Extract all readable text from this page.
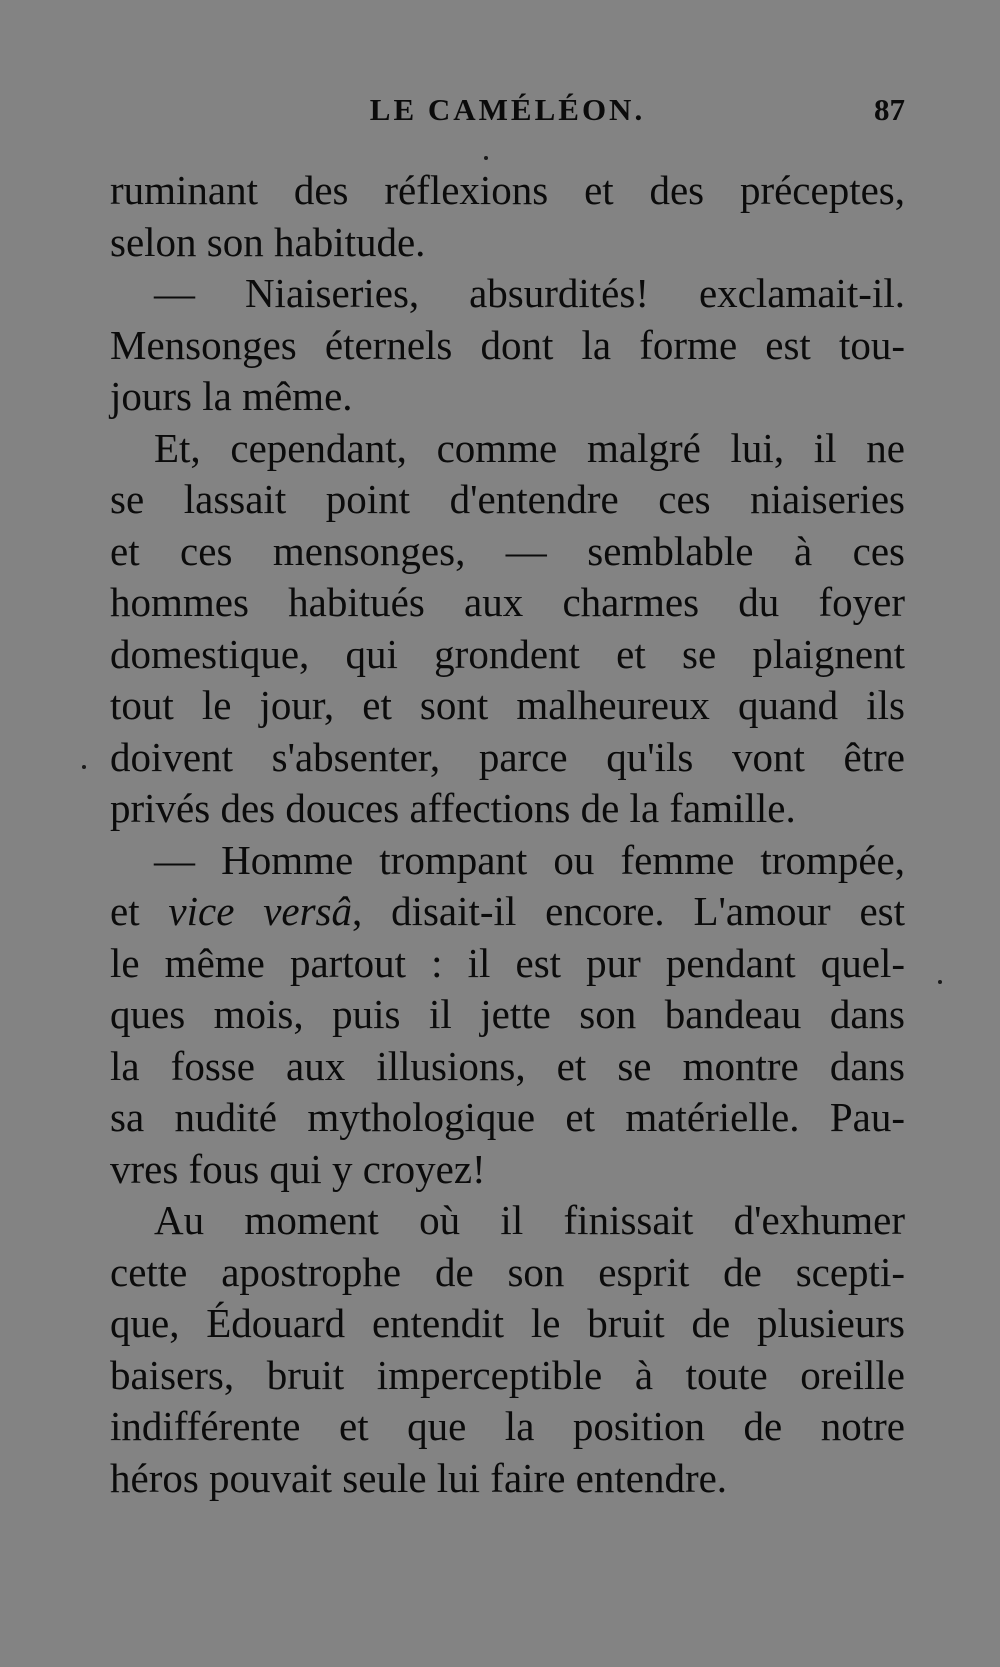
LE CAMÉLÉON.	87
ruminant des réflexions et des préceptes,
selon son habitude.
— Niaiseries, absurdités! exclamait-il.
Mensonges éternels dont la forme est tou-
jours la même.
Et, cependant, comme malgré lui, il ne
se lassait point d'entendre ces niaiseries
et ces mensonges, — semblable à ces
hommes habitués aux charmes du foyer
domestique, qui grondent et se plaignent
tout le jour, et sont malheureux quand ils
doivent s'absenter, parce qu'ils vont être
privés des douces affections de la famille.
— Homme trompant ou femme trompée,
et vice versâ, disait-il encore. L'amour est
le même partout : il est pur pendant quel-
ques mois, puis il jette son bandeau dans
la fosse aux illusions, et se montre dans
sa nudité mythologique et matérielle. Pau-
vres fous qui y croyez!
Au moment où il finissait d'exhumer
cette apostrophe de son esprit de scepti-
que, Édouard entendit le bruit de plusieurs
baisers, bruit imperceptible à toute oreille
indifférente et que la position de notre
héros pouvait seule lui faire entendre.
